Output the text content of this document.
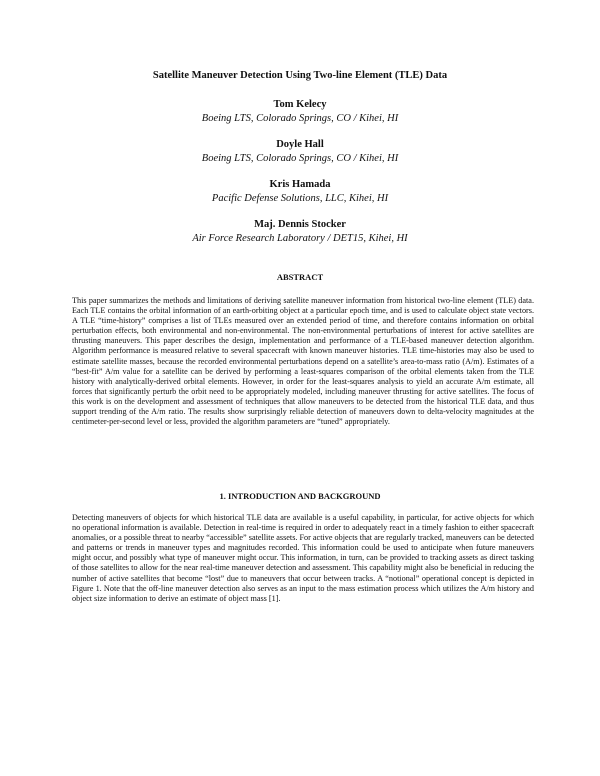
Satellite Maneuver Detection Using Two-line Element (TLE) Data
Tom Kelecy
Boeing LTS, Colorado Springs, CO / Kihei, HI
Doyle Hall
Boeing LTS, Colorado Springs, CO / Kihei, HI
Kris Hamada
Pacific Defense Solutions, LLC, Kihei, HI
Maj. Dennis Stocker
Air Force Research Laboratory / DET15, Kihei, HI
ABSTRACT

This paper summarizes the methods and limitations of deriving satellite maneuver information from historical two-line element (TLE) data. Each TLE contains the orbital information of an earth-orbiting object at a particular epoch time, and is used to calculate object state vectors. A TLE “time-history” comprises a list of TLEs measured over an extended period of time, and therefore contains information on orbital perturbation effects, both environmental and non-environmental. The non-environmental perturbations of interest for active satellites are thrusting maneuvers. This paper describes the design, implementation and performance of a TLE-based maneuver detection algorithm. Algorithm performance is measured relative to several spacecraft with known maneuver histories. TLE time-histories may also be used to estimate satellite masses, because the recorded environmental perturbations depend on a satellite’s area-to-mass ratio (A/m). Estimates of a “best-fit” A/m value for a satellite can be derived by performing a least-squares comparison of the orbital elements taken from the TLE history with analytically-derived orbital elements. However, in order for the least-squares analysis to yield an accurate A/m estimate, all forces that significantly perturb the orbit need to be appropriately modeled, including maneuver thrusting for active satellites. The focus of this work is on the development and assessment of techniques that allow maneuvers to be detected from the historical TLE data, and thus support trending of the A/m ratio. The results show surprisingly reliable detection of maneuvers down to delta-velocity magnitudes at the centimeter-per-second level or less, provided the algorithm parameters are “tuned” appropriately.

1. INTRODUCTION AND BACKGROUND

Detecting maneuvers of objects for which historical TLE data are available is a useful capability, in particular, for active objects for which no operational information is available. Detection in real-time is required in order to adequately react in a timely fashion to either spacecraft anomalies, or a possible threat to nearby “accessible” satellite assets. For active objects that are regularly tracked, maneuvers can be detected and patterns or trends in maneuver types and magnitudes recorded. This information could be used to anticipate when future maneuvers might occur, and possibly what type of maneuver might occur. This information, in turn, can be provided to tracking assets as direct tasking of those satellites to allow for the near real-time maneuver detection and assessment. This capability might also be beneficial in reducing the number of active satellites that become “lost” due to maneuvers that occur between tracks. A “notional” operational concept is depicted in Figure 1. Note that the off-line maneuver detection also serves as an input to the mass estimation process which utilizes the A/m history and object size information to derive an estimate of object mass [1].
